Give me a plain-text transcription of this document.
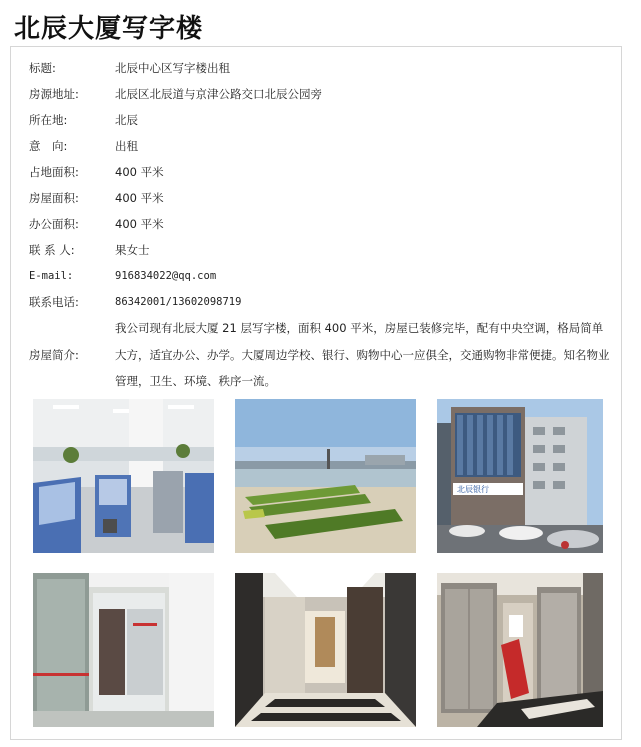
北辰大厦写字楼
标题:	北辰中心区写字楼出租
房源地址:	北辰区北辰道与京津公路交口北辰公园旁
所在地:	北辰
意　向:	出租
占地面积:	400 平米
房屋面积:	400 平米
办公面积:	400 平米
联 系 人:	果女士
E-mail:	916834022@qq.com
联系电话:	86342001/13602098719
房屋简介:
我公司现有北辰大厦 21 层写字楼，面积 400 平米，房屋已装修完毕，配有中央空调，格局简单大方，适宜办公、办学。大厦周边学校、银行、购物中心一应俱全，交通购物非常便捷。知名物业管理，卫生、环境、秩序一流。
北辰银行
